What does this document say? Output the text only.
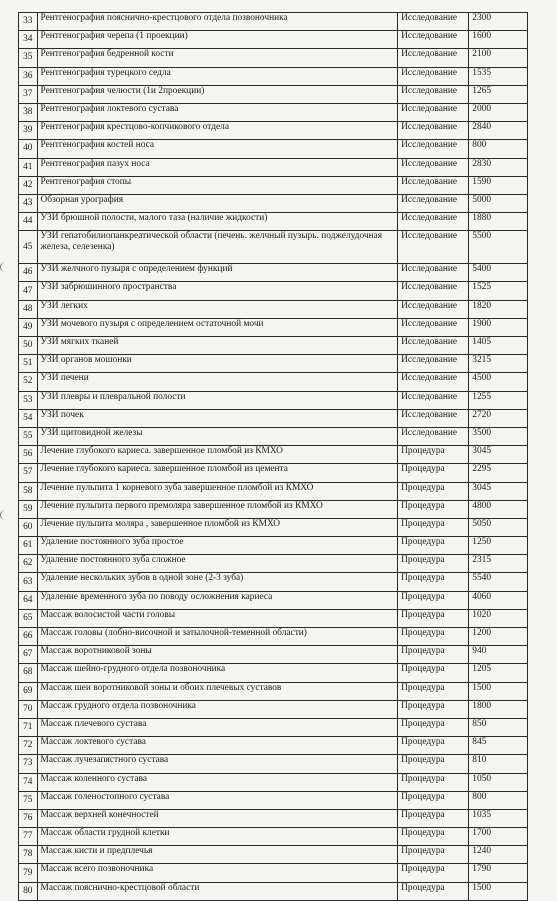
33	Рентгенография пояснично-крестцового отдела позвоночника	Исследование	2300
34	Рентгенография черепа (1 проекции)	Исследование	1600
35	Рентгенография бедренной кости	Исследование	2100
36	Рентгенография турецкого седла	Исследование	1535
37	Рентгенография челюсти (1и 2проекции)	Исследование	1265
38	Рентгенография локтевого сустава	Исследование	2000
39	Рентгенография крестцово-копчикового отдела	Исследование	2840
40	Рентгенография костей носа	Исследование	800
41	Рентгенография пазух носа	Исследование	2830
42	Рентгенография стопы	Исследование	1590
43	Обзорная урография	Исследование	5000
44	УЗИ брюшной полости, малого таза (наличие жидкости)	Исследование	1880
45	УЗИ гепатобилиопанкреатической области (печень. желчный пузырь. поджелудочная железа, селезенка)	Исследование	5500
46	УЗИ желчного пузыря с определением функций	Исследование	5400
47	УЗИ забрюшинного пространства	Исследование	1525
48	УЗИ легких	Исследование	1820
49	УЗИ мочевого пузыря с определением остаточной мочи	Исследование	1900
50	УЗИ мягких тканей	Исследование	1405
51	УЗИ органов мошонки	Исследование	3215
52	УЗИ печени	Исследование	4500
53	УЗИ плевры и плевральной полости	Исследование	1255
54	УЗИ почек	Исследование	2720
55	УЗИ щитовидной железы	Исследование	3500
56	Лечение глубокого кариеса. завершенное пломбой из КМХО	Процедура	3045
57	Лечение глубокого кариеса. завершенное пломбой из цемента	Процедура	2295
58	Лечение пульпита 1 корневого зуба завершенное пломбой из КМХО	Процедура	3045
59	Лечение пульпита первого премоляра завершенное пломбой из КМХО	Процедура	4800
60	Лечение пульпита моляра , завершенное пломбой из КМХО	Процедура	5050
61	Удаление постоянного зуба простое	Процедура	1250
62	Удаление постоянного зуба сложное	Процедура	2315
63	Удаление нескольких зубов в одной зоне (2-3 зуба)	Процедура	5540
64	Удаление временного зуба по поводу осложнения кариеса	Процедура	4060
65	Массаж волосистой части головы	Процедура	1020
66	Массаж головы (лобно-височной и затылочной-теменной области)	Процедура	1200
67	Массаж воротниковой зоны	Процедура	940
68	Массаж шейно-грудного отдела позвоночника	Процедура	1205
69	Массаж шеи воротниковой зоны и обоих плечевых суставов	Процедура	1500
70	Массаж грудного отдела позвоночника	Процедура	1800
71	Массаж плечевого сустава	Процедура	850
72	Массаж локтевого сустава	Процедура	845
73	Массаж лучезапястного сустава	Процедура	810
74	Массаж коленного сустава	Процедура	1050
75	Массаж голеностопного сустава	Процедура	800
76	Массаж верхней конечностей	Процедура	1035
77	Массаж области грудной клетки	Процедура	1700
78	Массаж кисти и предплечья	Процедура	1240
79	Массаж всего позвоночника	Процедура	1790
80	Массаж пояснично-крестцовой области	Процедура	1500
